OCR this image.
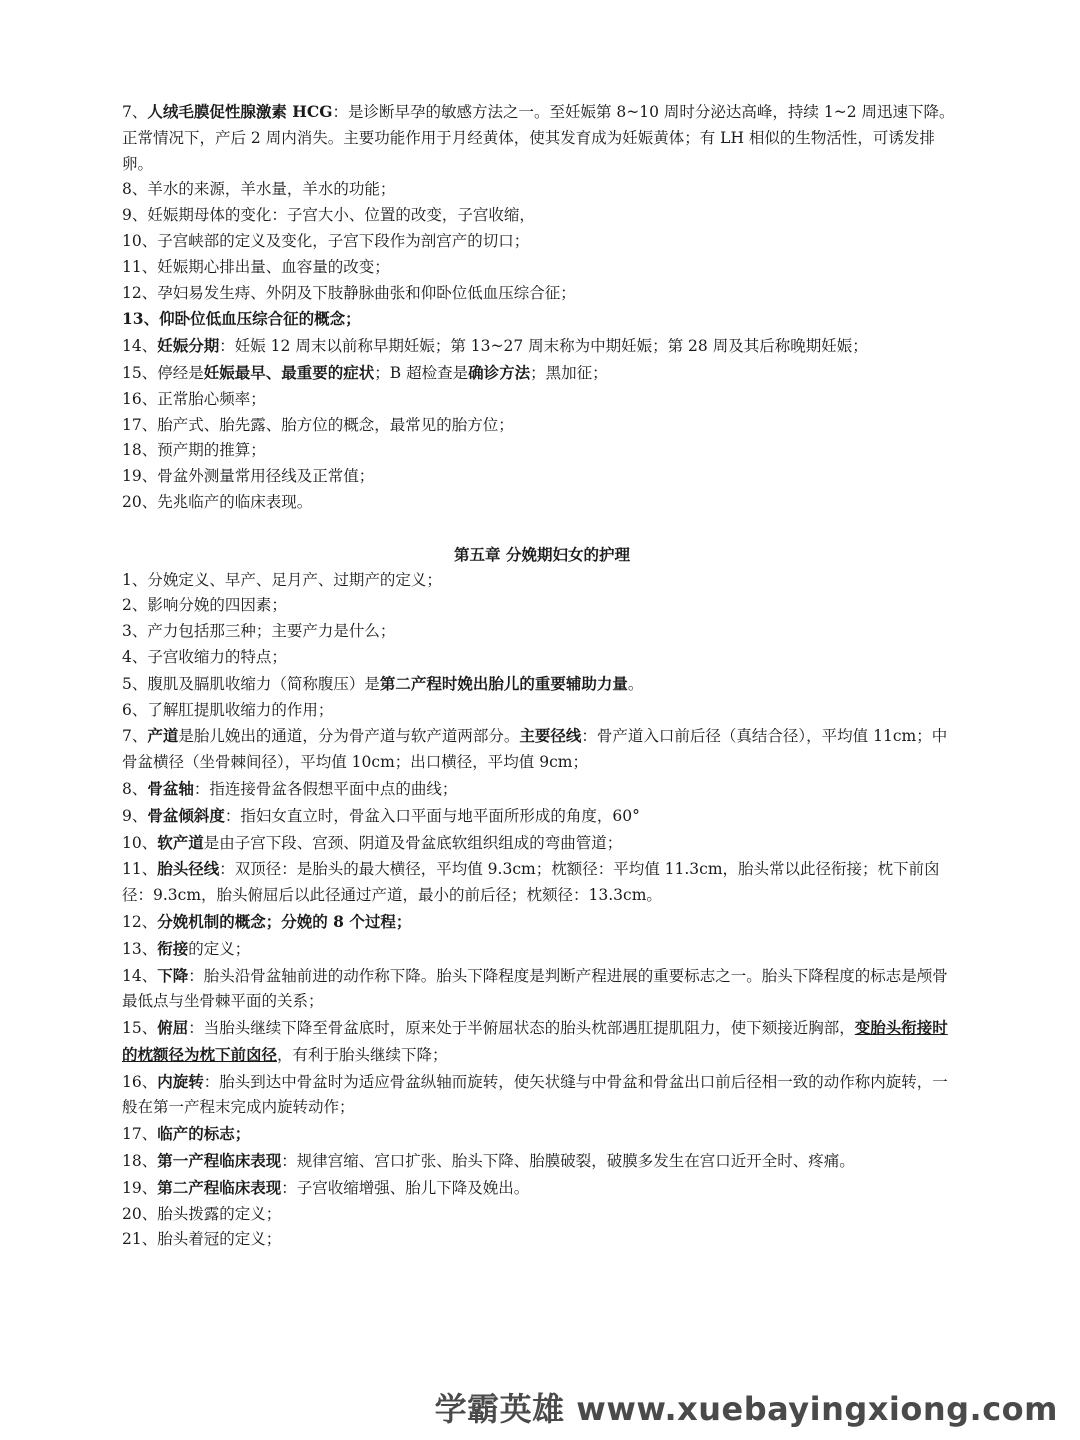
7、人绒毛膜促性腺激素 HCG：是诊断早孕的敏感方法之一。至妊娠第 8~10 周时分泌达高峰，持续 1~2 周迅速下降。正常情况下，产后 2 周内消失。主要功能作用于月经黄体，使其发育成为妊娠黄体；有 LH 相似的生物活性，可诱发排卵。
8、羊水的来源，羊水量，羊水的功能；
9、妊娠期母体的变化：子宫大小、位置的改变，子宫收缩，
10、子宫峡部的定义及变化，子宫下段作为剖宫产的切口；
11、妊娠期心排出量、血容量的改变；
12、孕妇易发生痔、外阴及下肢静脉曲张和仰卧位低血压综合征；
13、仰卧位低血压综合征的概念；
14、妊娠分期：妊娠 12 周末以前称早期妊娠；第 13~27 周末称为中期妊娠；第 28 周及其后称晚期妊娠；
15、停经是妊娠最早、最重要的症状；B 超检查是确诊方法；黑加征；
16、正常胎心频率；
17、胎产式、胎先露、胎方位的概念，最常见的胎方位；
18、预产期的推算；
19、骨盆外测量常用径线及正常值；
20、先兆临产的临床表现。
第五章 分娩期妇女的护理
1、分娩定义、早产、足月产、过期产的定义；
2、影响分娩的四因素；
3、产力包括那三种；主要产力是什么；
4、子宫收缩力的特点；
5、腹肌及膈肌收缩力（简称腹压）是第二产程时娩出胎儿的重要辅助力量。
6、了解肛提肌收缩力的作用；
7、产道是胎儿娩出的通道，分为骨产道与软产道两部分。主要径线：骨产道入口前后径（真结合径），平均值 11cm；中骨盆横径（坐骨棘间径），平均值 10cm；出口横径，平均值 9cm；
8、骨盆轴：指连接骨盆各假想平面中点的曲线；
9、骨盆倾斜度：指妇女直立时，骨盆入口平面与地平面所形成的角度，60°
10、软产道是由子宫下段、宫颈、阴道及骨盆底软组织组成的弯曲管道；
11、胎头径线：双顶径：是胎头的最大横径，平均值 9.3cm；枕额径：平均值 11.3cm，胎头常以此径衔接；枕下前囟径：9.3cm，胎头俯屈后以此径通过产道，最小的前后径；枕颏径：13.3cm。
12、分娩机制的概念；分娩的 8 个过程；
13、衔接的定义；
14、下降：胎头沿骨盆轴前进的动作称下降。胎头下降程度是判断产程进展的重要标志之一。胎头下降程度的标志是颅骨最低点与坐骨棘平面的关系；
15、俯屈：当胎头继续下降至骨盆底时，原来处于半俯屈状态的胎头枕部遇肛提肌阻力，使下颏接近胸部，变胎头衔接时的枕额径为枕下前囟径，有利于胎头继续下降；
16、内旋转：胎头到达中骨盆时为适应骨盆纵轴而旋转，使矢状缝与中骨盆和骨盆出口前后径相一致的动作称内旋转，一般在第一产程末完成内旋转动作；
17、临产的标志；
18、第一产程临床表现：规律宫缩、宫口扩张、胎头下降、胎膜破裂，破膜多发生在宫口近开全时、疼痛。
19、第二产程临床表现：子宫收缩增强、胎儿下降及娩出。
20、胎头拨露的定义；
21、胎头着冠的定义；
学霸英雄 www.xuebayingxiong.com
